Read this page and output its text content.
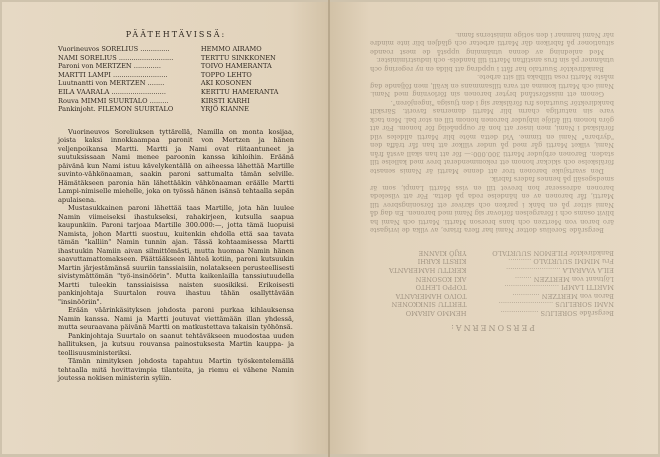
PÄÄTEHTÄVISSÄ:
Vuorineuvos SORELIUS ..............	HEMMO AIRAMO
NAMI SORELIUS ..........................	TERTTU SINKKONEN
Paroni von MERTZEN .............	TOIVO HAMERANTA
MARTTI LAMPI ..........................	TOPPO LEHTO
Luutnantti von MERTZEN ........	AKI KOSONEN
EILA VAARALA ..........................	KERTTU HAMERANTA
Rouva MIMMI SUURTALO .........	KIRSTI KARHI
Pankinjoht. FILEMON SUURTALO	YRJÖ KIANNE

Vuorineuvos Soreliuksen tyttärellä, Namilla on monta kosijaa, joista kaksi innokkaampaa paronit von Mertzen ja hänen veljenpoikansa Martti. Martti ja Nami ovat riitaantuneet ja suutuksissaan Nami menee paroonin kanssa kihloihin. Eräänä päivänä kun Nami istuu kävelykentällä on aiheessa lähettää Martille suvinto-vähkönaaman, saakin paroni sattumalta tämän selville. Hämätäkseen paronia hän lähettääkin vähkönaaman eräälle Martti Lampi-nimiselle miehelle, joka on työssä hänen isänsä tehtaalla sepän apulaisena.

Mustasukkainen paroni lähettää taas Martille, jota hän luulee Namin viimeiseksi ihastukseksi, rahakirjeen, kutsulla saapua kaupunkiin. Paroni tarjoaa Martille 300.000:—, jotta tämä luopuisi Namista, johon Martti suostuu, kuitenkin ehdolla että saa tavata tämän "kalliin" Namin tunnin ajan. Tässä kohtaamisessa Martti ihastuukin Namiin aivan silmittömästi, mutta huomaa Namin hänen saavuttamattomakseen. Päättääkseen lähteä kotiin, paroni kutsuukin Martin järjestämänsä suuriin tanssiaisiin, nolatakseen perusteellisesti sivistymättömän "työ-insinöörin". Mutta kaikenlailla tanssiutuudella Martti tuleekin tanssiaisissa naisten suosikiksi. Erikoisesti pankinjohtaja Suurtalon rouva ihastuu tähän osallyttävään "insinööriin".

Erään väärinkäsityksen johdosta paroni purkaa kihlauksensa Namin kanssa. Nami ja Martti joutuvat viettämään illan yhdessä, mutta seuraavana päivänä Martti on matkustettava takaisin työhönsä.

Pankinjohtaja Suurtalo on saanut tehtäväkseen muodostaa uuden hallituksen, ja kutsuu rouvansa painostuksesta Martin kauppa- ja teollisuusministeriksi.

Tämän nimityksen johdosta tapahtuu Martin työskentelemällä tehtaalla mitä hovittavimpia tilanteita, ja riemu ei vähene Namin joutessa nokisen ministerin syliin.

PERSONERNA:
Bergsråde SORELIUS ..................	HEMMO AIRAMO
NAMI SORELIUS ..........................	TERTTU SINKKONEN
Baron von MERTZEN .............	TOIVO HAMERANTA
MARTTI LAMPI ..........................	TOPPO LEHTO
Löjtnant von MERTZEN ........	AKI KOSONEN
EILA VAARALA ..........................	KERTTU HAMERANTA
Fru MIMMI SUURTALO ...........	KIRSTI KARHI
Bankdirektör FILEMON SUURTALO	YRJÖ KIANNE

Bergsråde Sorelius dotter Nami har flera friare, av vilka de ivrigaste äro baron von Mertzen och hans brorson Martti. Martti och Nami ha blivit osams och i förargelsen förlovar sig Nami med baronen. En dag då Nami sitter på en bänk i parken och skriver ett försoningsbrev till Martti, får baronen av en händelse reda på detta. För att vilseleda baronen adresserar hon brevet till en viss Martti Lampi, som är smedsgesäll på hennes faders fabrik.

Den svartsjuke baronen tror att denne Martti är Namis senaste förälskelse och skickar honom ett rekommenderat brev med kallelse till staden. Baronen erbjuder Martti 300.000:— för att han skall avstå från Nami, vilket Martti går med på under villkor att han får träffa den "dyrbara" Nami en timme. Vid detta möte blir Martti alldeles vild förälskad i Nami, men inser att hon är ouppnåelig för honom. För att göra honom till åtlöje inbjuder baronen honom till en stor bal. Men tack vare sin naturliga charm blir Martti damernas favorit. Särskilt bankdirektör Suurtalos fru förälskar sig i den tjusiga "ingenjören".

Genom ett missförstånd bryter baronen sin förlovning med Nami. Nami och Martti komma att vara tillsammans en kväll, men följande dag måste Martti resa tillbaka till sitt arbete.

Bankdirektör Suurtalo har fått i uppdrag att bilda en ny regering och utnämner på sin frus anstiftan Martti till handels- och industriminister.

Med anledning av denna utnämning uppstå de mest roande situationer på fabriken där Martti arbetar och glädjen blir inte mindre när Nami hamnar i den sotige ministerns famn.
